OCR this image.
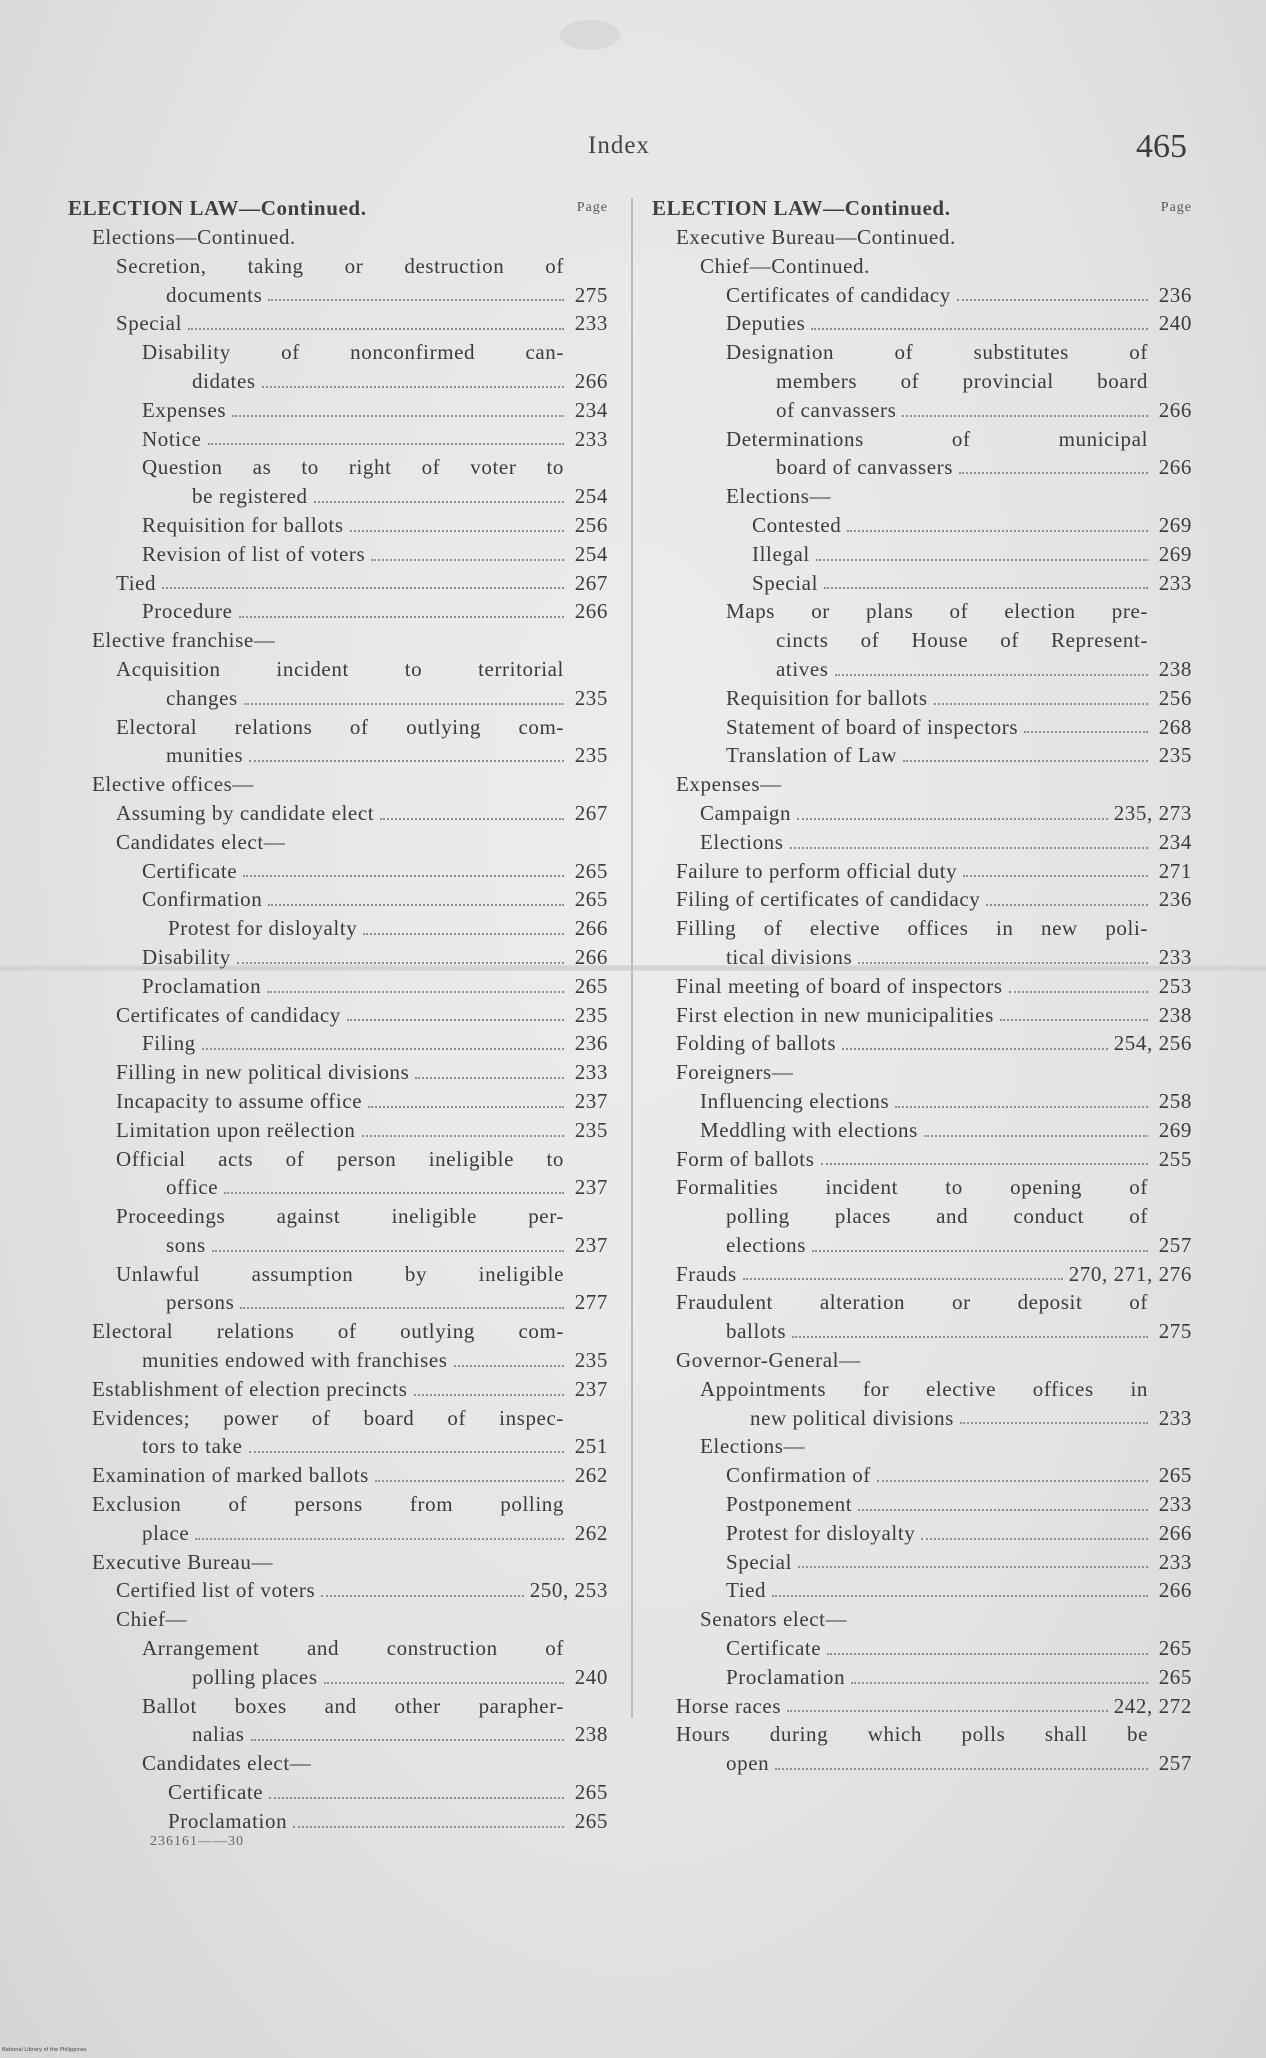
Index	465
ELECTION LAW—Continued.	Page
Elections—Continued.
Secretion, taking or destruction of
documents	275
Special	233
Disability of nonconfirmed can-
didates	266
Expenses	234
Notice	233
Question as to right of voter to
be registered	254
Requisition for ballots	256
Revision of list of voters	254
Tied	267
Procedure	266
Elective franchise—
Acquisition incident to territorial
changes	235
Electoral relations of outlying com-
munities	235
Elective offices—
Assuming by candidate elect	267
Candidates elect—
Certificate	265
Confirmation	265
Protest for disloyalty	266
Disability	266
Proclamation	265
Certificates of candidacy	235
Filing	236
Filling in new political divisions	233
Incapacity to assume office	237
Limitation upon reëlection	235
Official acts of person ineligible to
office	237
Proceedings against ineligible per-
sons	237
Unlawful assumption by ineligible
persons	277
Electoral relations of outlying com-
munities endowed with franchises	235
Establishment of election precincts	237
Evidences; power of board of inspec-
tors to take	251
Examination of marked ballots	262
Exclusion of persons from polling
place	262
Executive Bureau—
Certified list of voters	250, 253
Chief—
Arrangement and construction of
polling places	240
Ballot boxes and other parapher-
nalias	238
Candidates elect—
Certificate	265
Proclamation	265
ELECTION LAW—Continued.	Page
Executive Bureau—Continued.
Chief—Continued.
Certificates of candidacy	236
Deputies	240
Designation of substitutes of
members of provincial board
of canvassers	266
Determinations of municipal
board of canvassers	266
Elections—
Contested	269
Illegal	269
Special	233
Maps or plans of election pre-
cincts of House of Represent-
atives	238
Requisition for ballots	256
Statement of board of inspectors	268
Translation of Law	235
Expenses—
Campaign	235, 273
Elections	234
Failure to perform official duty	271
Filing of certificates of candidacy	236
Filling of elective offices in new poli-
tical divisions	233
Final meeting of board of inspectors	253
First election in new municipalities	238
Folding of ballots	254, 256
Foreigners—
Influencing elections	258
Meddling with elections	269
Form of ballots	255
Formalities incident to opening of
polling places and conduct of
elections	257
Frauds	270, 271, 276
Fraudulent alteration or deposit of
ballots	275
Governor-General—
Appointments for elective offices in
new political divisions	233
Elections—
Confirmation of	265
Postponement	233
Protest for disloyalty	266
Special	233
Tied	266
Senators elect—
Certificate	265
Proclamation	265
Horse races	242, 272
Hours during which polls shall be
open	257
236161——30
National Library of the Philippines
